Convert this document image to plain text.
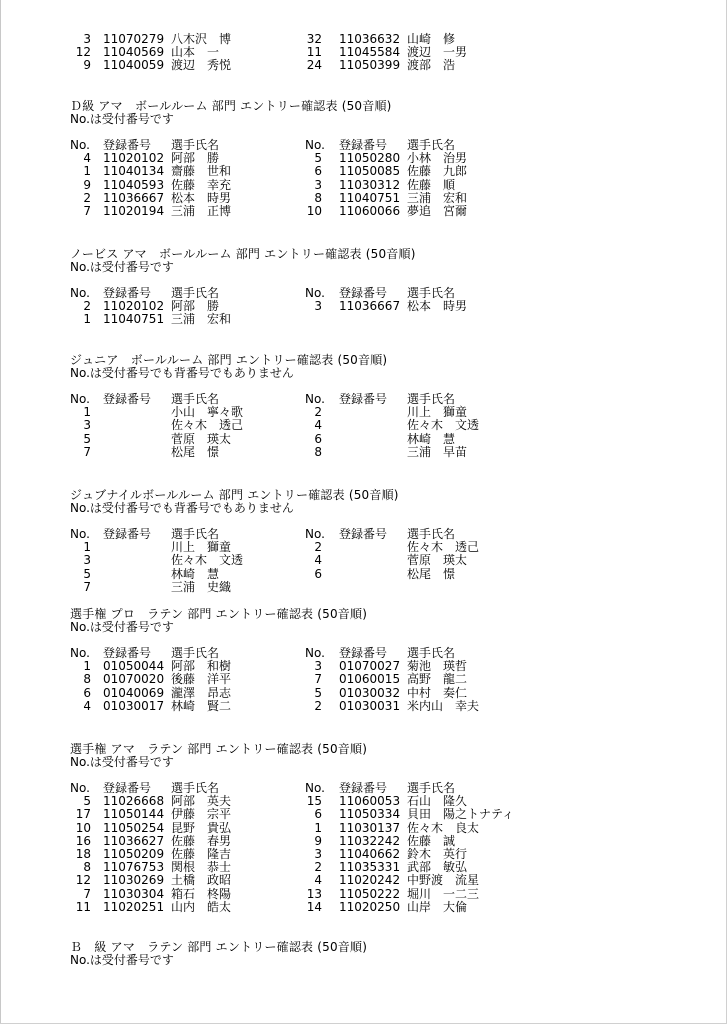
3 11070279 八木沢　博	32 11036632 山崎　修
12 11040569 山本　一	11 11045584 渡辺　一男
9 11040059 渡辺　秀悦	24 11050399 渡部　浩
Ｄ級 アマ　ボールルーム 部門 エントリー確認表 (50音順)
No.は受付番号です
No. 登録番号 選手氏名	No. 登録番号 選手氏名
4 11020102 阿部　勝	5 11050280 小林　治男
1 11040134 齋藤　世和	6 11050085 佐藤　九郎
9 11040593 佐藤　幸充	3 11030312 佐藤　順
2 11036667 松本　時男	8 11040751 三浦　宏和
7 11020194 三浦　正博	10 11060066 夢追　宮爾
ノービス アマ　ボールルーム 部門 エントリー確認表 (50音順)
No.は受付番号です
No. 登録番号 選手氏名	No. 登録番号 選手氏名
2 11020102 阿部　勝	3 11036667 松本　時男
1 11040751 三浦　宏和
ジュニア　ボールルーム 部門 エントリー確認表 (50音順)
No.は受付番号でも背番号でもありません
No. 登録番号 選手氏名	No. 登録番号 選手氏名
1	小山　寧々歌	2	川上　獅童
3	佐々木　透己	4	佐々木　文透
5	菅原　瑛太	6	林崎　慧
7	松尾　憬	8	三浦　早苗
ジュブナイルボールルーム 部門 エントリー確認表 (50音順)
No.は受付番号でも背番号でもありません
No. 登録番号 選手氏名	No. 登録番号 選手氏名
1	川上　獅童	2	佐々木　透己
3	佐々木　文透	4	菅原　瑛太
5	林崎　慧	6	松尾　憬
7	三浦　史織
選手権 プロ　ラテン 部門 エントリー確認表 (50音順)
No.は受付番号です
No. 登録番号 選手氏名	No. 登録番号 選手氏名
1 01050044 阿部　和樹	3 01070027 菊池　瑛哲
8 01070020 後藤　洋平	7 01060015 高野　龍二
6 01040069 瀧澤　昂志	5 01030032 中村　奏仁
4 01030017 林崎　賢二	2 01030031 米内山　幸夫
選手権 アマ　ラテン 部門 エントリー確認表 (50音順)
No.は受付番号です
No. 登録番号 選手氏名	No. 登録番号 選手氏名
5 11026668 阿部　英夫	15 11060053 石山　隆久
17 11050144 伊藤　宗平	6 11050334 貝田　陽之トナティ
10 11050254 昆野　貴弘	1 11030137 佐々木　良太
16 11036627 佐藤　春男	9 11032242 佐藤　誠
18 11050209 佐藤　隆吉	3 11040662 鈴木　英行
8 11076753 関根　恭士	2 11035331 武部　敏弘
12 11030269 土橋　政昭	4 11020242 中野渡　流星
7 11030304 箱石　柊陽	13 11050222 堀川　一二三
11 11020251 山内　皓太	14 11020250 山岸　大倫
Ｂ　級 アマ　ラテン 部門 エントリー確認表 (50音順)
No.は受付番号です
